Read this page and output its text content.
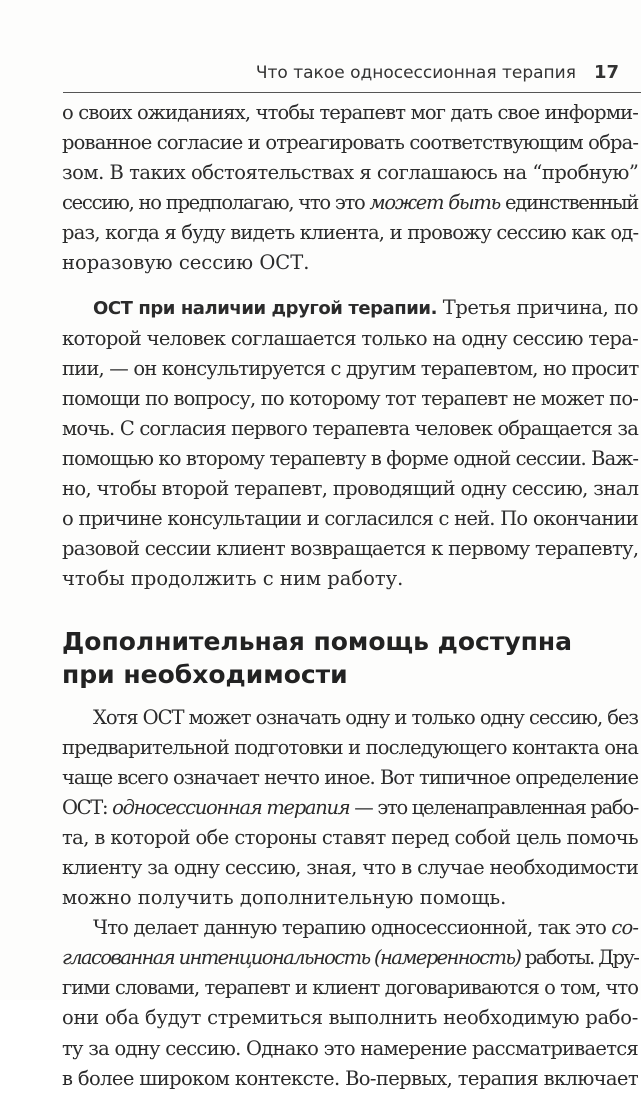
Что такое односессионная терапия 17
о своих ожиданиях, чтобы терапевт мог дать свое информи-
рованное согласие и отреагировать соответствующим обра-
зом. В таких обстоятельствах я соглашаюсь на “пробную”
сессию, но предполагаю, что это может быть единственный
раз, когда я буду видеть клиента, и провожу сессию как од-
норазовую сессию ОСТ.
ОСТ при наличии другой терапии. Третья причина, по
которой человек соглашается только на одну сессию тера-
пии, — он консультируется с другим терапевтом, но просит
помощи по вопросу, по которому тот терапевт не может по-
мочь. С согласия первого терапевта человек обращается за
помощью ко второму терапевту в форме одной сессии. Важ-
но, чтобы второй терапевт, проводящий одну сессию, знал
о причине консультации и согласился с ней. По окончании
разовой сессии клиент возвращается к первому терапевту,
чтобы продолжить с ним работу.
Дополнительная помощь доступна
при необходимости
Хотя ОСТ может означать одну и только одну сессию, без
предварительной подготовки и последующего контакта она
чаще всего означает нечто иное. Вот типичное определение
ОСТ: односессионная терапия — это целенаправленная рабо-
та, в которой обе стороны ставят перед собой цель помочь
клиенту за одну сессию, зная, что в случае необходимости
можно получить дополнительную помощь.
Что делает данную терапию односессионной, так это со-
гласованная интенциональность (намеренность) работы. Дру-
гими словами, терапевт и клиент договариваются о том, что
они оба будут стремиться выполнить необходимую рабо-
ту за одну сессию. Однако это намерение рассматривается
в более широком контексте. Во-первых, терапия включает
